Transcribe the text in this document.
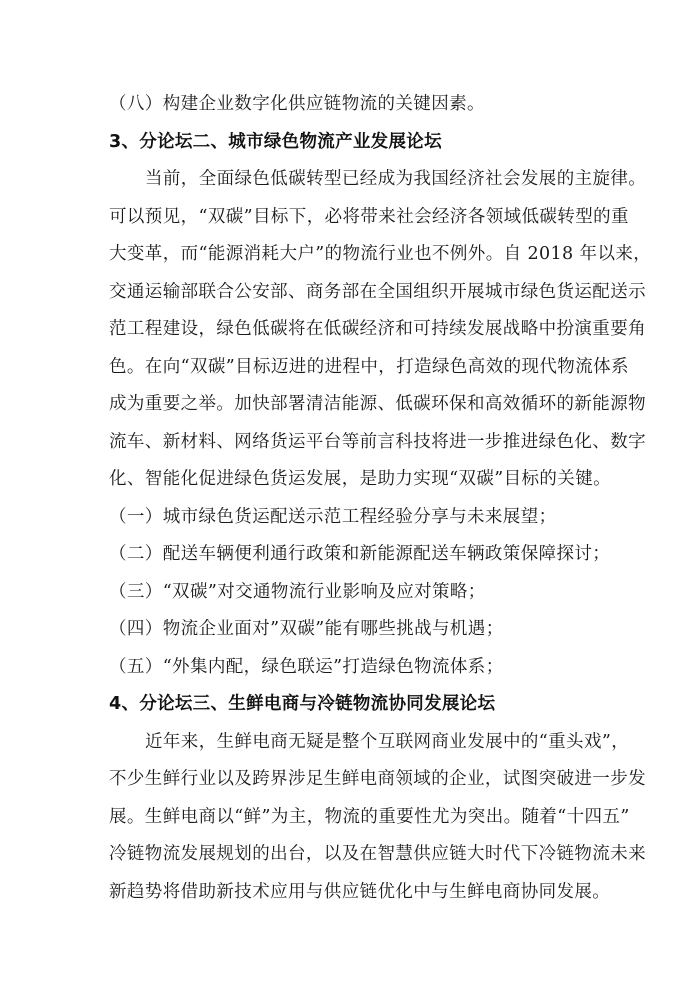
（八）构建企业数字化供应链物流的关键因素。
3、分论坛二、城市绿色物流产业发展论坛
当前，全面绿色低碳转型已经成为我国经济社会发展的主旋律。
可以预见，“双碳”目标下，必将带来社会经济各领域低碳转型的重
大变革，而“能源消耗大户”的物流行业也不例外。自 2018 年以来，
交通运输部联合公安部、商务部在全国组织开展城市绿色货运配送示
范工程建设，绿色低碳将在低碳经济和可持续发展战略中扮演重要角
色。在向“双碳”目标迈进的进程中，打造绿色高效的现代物流体系
成为重要之举。加快部署清洁能源、低碳环保和高效循环的新能源物
流车、新材料、网络货运平台等前言科技将进一步推进绿色化、数字
化、智能化促进绿色货运发展，是助力实现“双碳”目标的关键。
（一）城市绿色货运配送示范工程经验分享与未来展望；
（二）配送车辆便利通行政策和新能源配送车辆政策保障探讨；
（三）“双碳”对交通物流行业影响及应对策略；
（四）物流企业面对”双碳”能有哪些挑战与机遇；
（五）“外集内配，绿色联运”打造绿色物流体系；
4、分论坛三、生鲜电商与冷链物流协同发展论坛
近年来，生鲜电商无疑是整个互联网商业发展中的“重头戏”，
不少生鲜行业以及跨界涉足生鲜电商领域的企业，试图突破进一步发
展。生鲜电商以“鲜”为主，物流的重要性尤为突出。随着“十四五”
冷链物流发展规划的出台，以及在智慧供应链大时代下冷链物流未来
新趋势将借助新技术应用与供应链优化中与生鲜电商协同发展。
